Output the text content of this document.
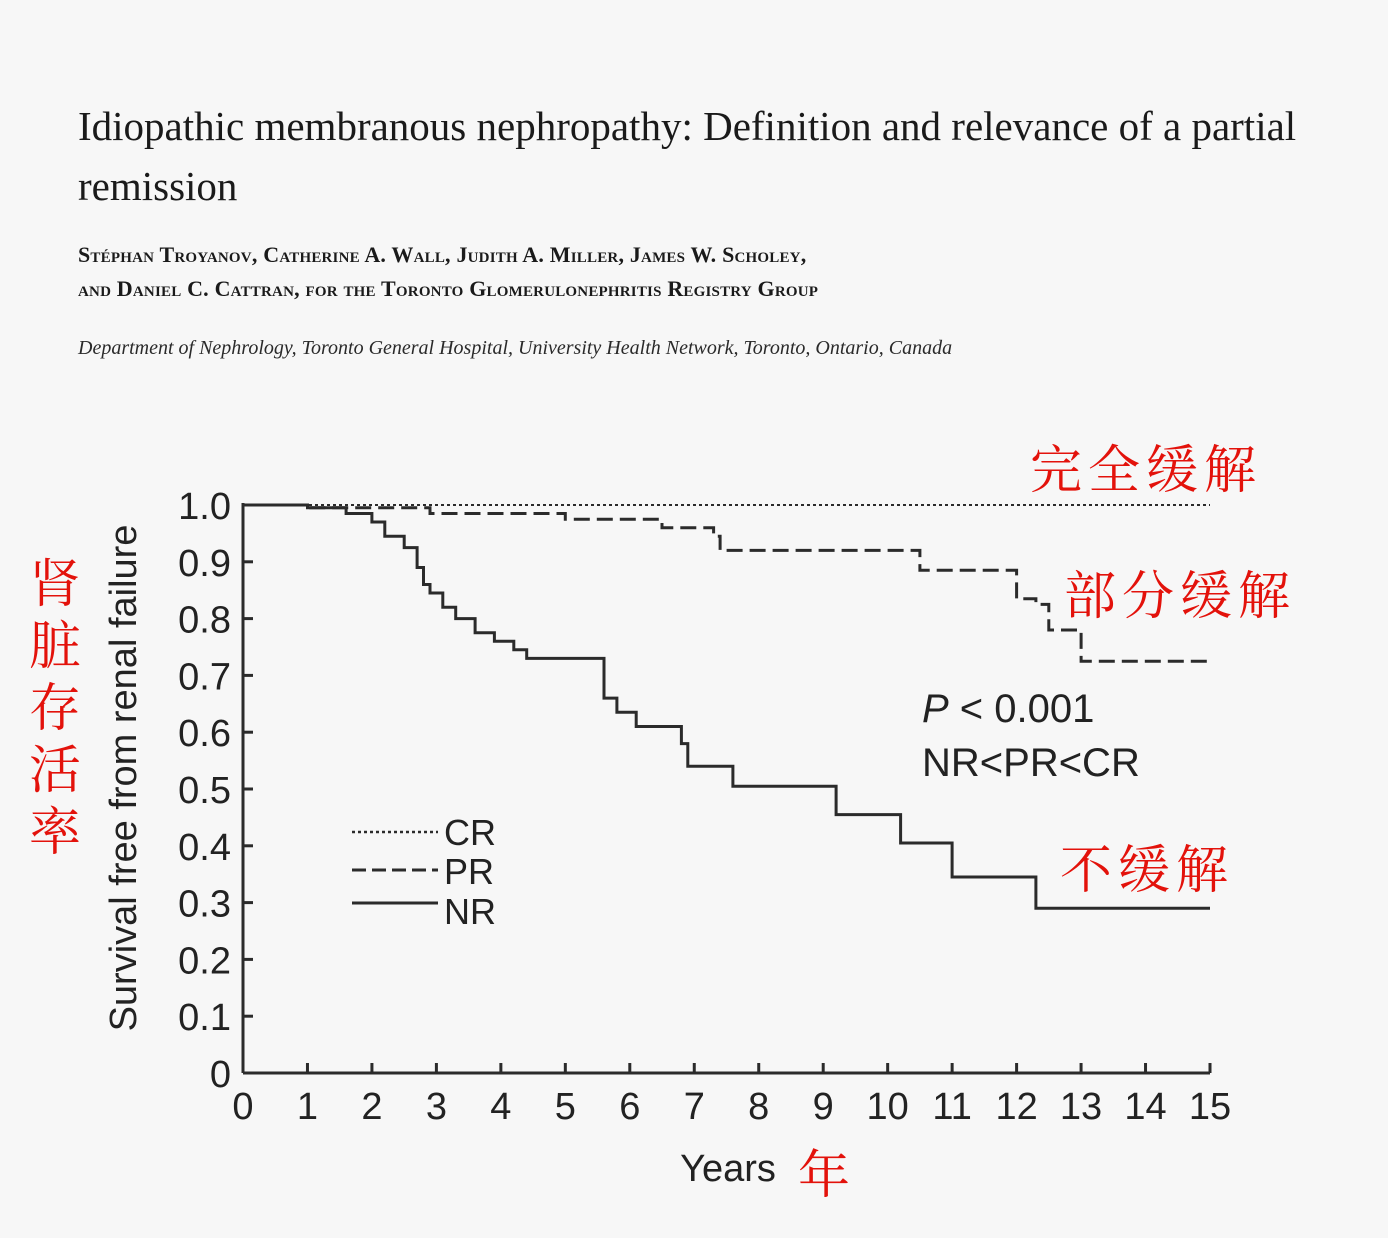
Idiopathic membranous nephropathy: Definition and relevance of a partial remission
Stéphan Troyanov, Catherine A. Wall, Judith A. Miller, James W. Scholey,
and Daniel C. Cattran, for the Toronto Glomerulonephritis Registry Group
Department of Nephrology, Toronto General Hospital, University Health Network, Toronto, Ontario, Canada
0
0.1
0.2
0.3
0.4
0.5
0.6
0.7
0.8
0.9
1.0
0 1 2 3 4 5 6 7 8 9 10 11 12 13 14 15
Survival free from renal failure
Years
CR
PR
NR
P < 0.001
NR<PR<CR
完全缓解
部分缓解
不缓解
年
肾
脏
存
活
率
